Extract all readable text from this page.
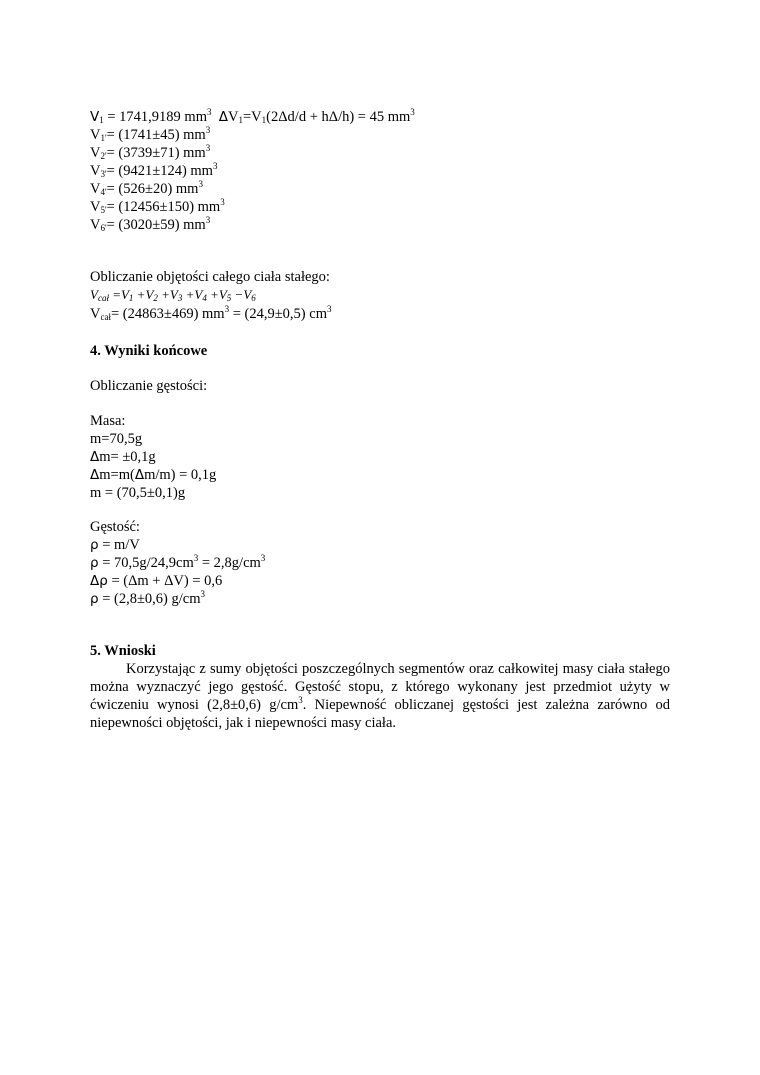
$V_1 = 1741,9189$ $mm^3$ $\Delta V_1=V_1(2\Delta d/d + h\Delta/h) = 45$ $mm^3$
$V_{1'}= (1741\pm 45)$ $mm^3$
$V_{2'}= (3739\pm 71)$ $mm^3$
$V_{3'}= (9421\pm 124)$ $mm^3$
$V_{4'}= (526\pm 20)$ $mm^3$
$V_{5'}= (12456\pm 150)$ $mm^3$
$V_{6'}= (3020\pm 59)$ $mm^3$
Obliczanie objętości całego ciała stałego:
$V_{cał} =V_1 +V_2 +V_3 +V_4 +V_5 -V_6$
$V_{cał}= (24863\pm 469) mm^3 = (24,9\pm 0,5)$ $cm^3$
4. Wyniki końcowe
Obliczanie gęstości:
Masa:
m=70,5g
Δm= ±0,1g
Δm=m(Δm/m) = 0,1g
m = (70,5±0,1)g
Gęstość:
ρ = m/V
$\rho = 70,5g/24,9cm^3 = 2,8g/cm^3$
Δρ = (Δm + ΔV) = 0,6
ρ = (2,8±0,6) $g/cm^3$
5. Wnioski
Korzystając z sumy objętości poszczególnych segmentów oraz całkowitej masy ciała stałego można wyznaczyć jego gęstość. Gęstość stopu, z którego wykonany jest przedmiot użyty w ćwiczeniu wynosi (2,8±0,6) $g/cm^3$. Niepewność obliczanej gęstości jest zależna zarówno od niepewności objętości, jak i niepewności masy ciała.
